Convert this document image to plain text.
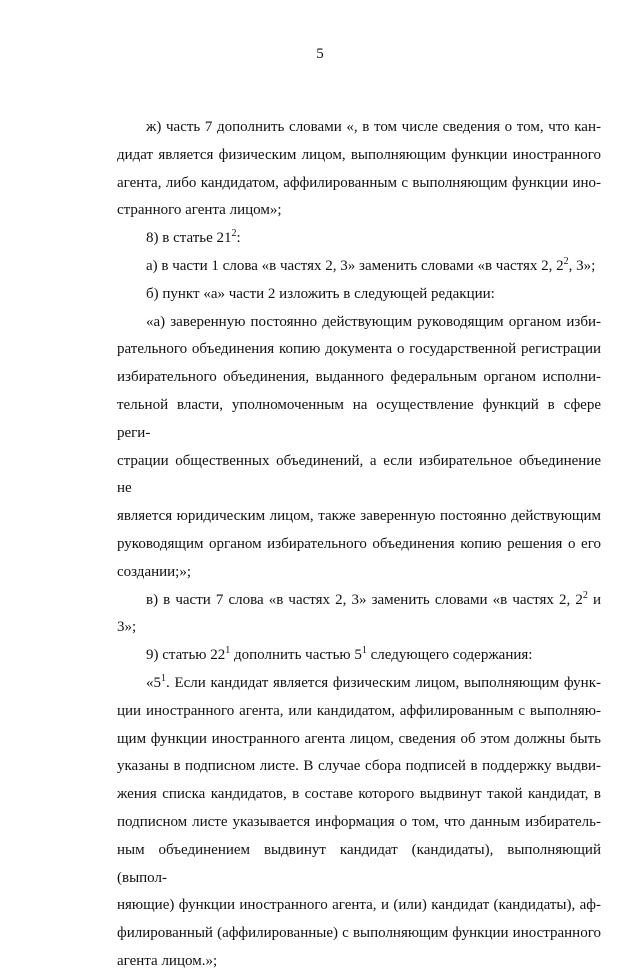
5
ж) часть 7 дополнить словами «, в том числе сведения о том, что кан-
дидат является физическим лицом, выполняющим функции иностранного
агента, либо кандидатом, аффилированным с выполняющим функции ино-
странного агента лицом»;
8) в статье $21^2$:
а) в части 1 слова «в частях 2, 3» заменить словами «в частях 2, $2^2$, 3»;
б) пункт «а» части 2 изложить в следующей редакции:
«а) заверенную постоянно действующим руководящим органом изби-
рательного объединения копию документа о государственной регистрации
избирательного объединения, выданного федеральным органом исполни-
тельной власти, уполномоченным на осуществление функций в сфере реги-
страции общественных объединений, а если избирательное объединение не
является юридическим лицом, также заверенную постоянно действующим
руководящим органом избирательного объединения копию решения о его
создании;»;
в) в части 7 слова «в частях 2, 3» заменить словами «в частях 2, $2^2$ и
3»;
9) статью $22^1$ дополнить частью $5^1$ следующего содержания:
«$5^1$. Если кандидат является физическим лицом, выполняющим функ-
ции иностранного агента, или кандидатом, аффилированным с выполняю-
щим функции иностранного агента лицом, сведения об этом должны быть
указаны в подписном листе. В случае сбора подписей в поддержку выдви-
жения списка кандидатов, в составе которого выдвинут такой кандидат, в
подписном листе указывается информация о том, что данным избиратель-
ным объединением выдвинут кандидат (кандидаты), выполняющий (выпол-
няющие) функции иностранного агента, и (или) кандидат (кандидаты), аф-
филированный (аффилированные) с выполняющим функции иностранного
агента лицом.»;
